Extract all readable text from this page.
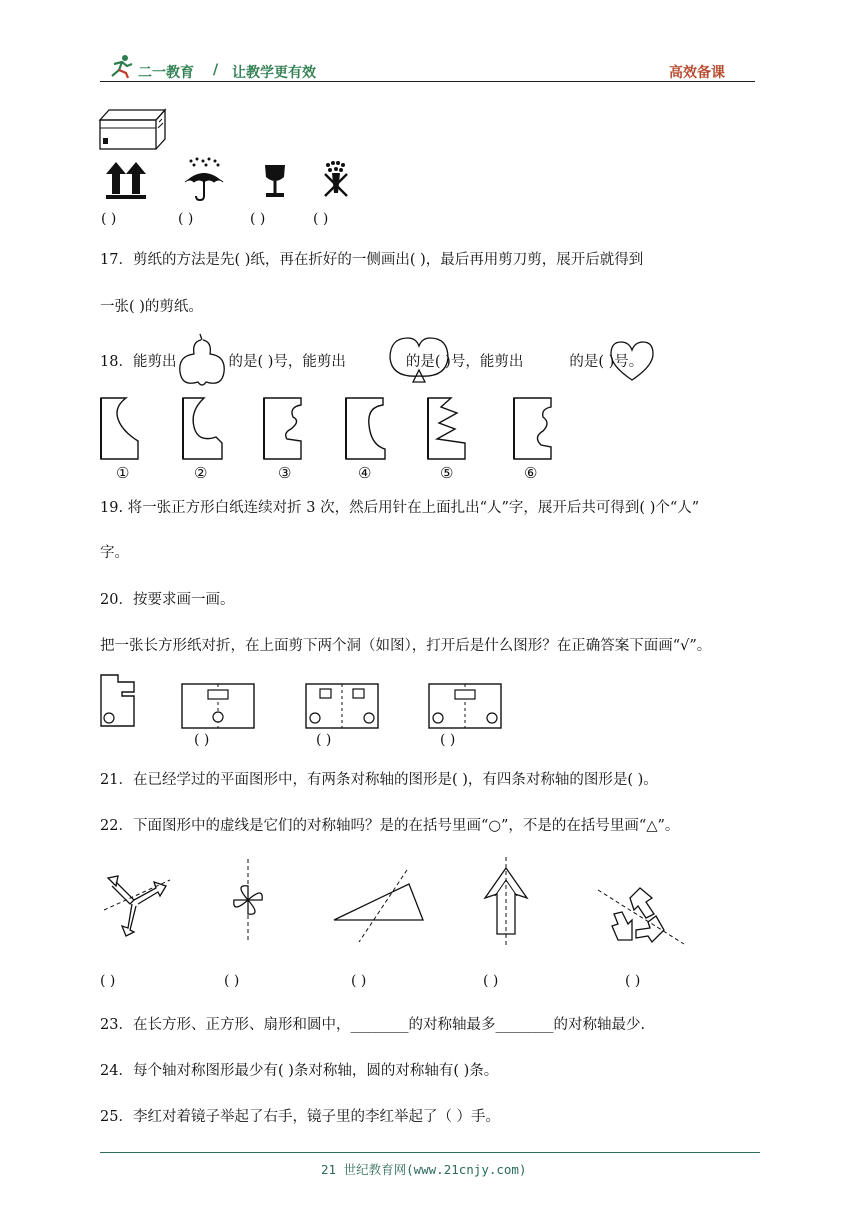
二一教育 / 让教学更有效	高效备课
( )	( )	( )	( )
17．剪纸的方法是先( )纸，再在折好的一侧画出( )，最后再用剪刀剪，展开后就得到
一张( )的剪纸。
18．能剪出	的是( )号，能剪出	的是( )号，能剪出	的是( )号。
①	②	③	④	⑤	⑥
19. 将一张正方形白纸连续对折 3 次，然后用针在上面扎出“人”字，展开后共可得到( )个“人”
字。
20．按要求画一画。
把一张长方形纸对折，在上面剪下两个洞（如图），打开后是什么图形？在正确答案下面画“√”。
( )	( )	( )
21．在已经学过的平面图形中，有两条对称轴的图形是( )，有四条对称轴的图形是( )。
22．下面图形中的虚线是它们的对称轴吗？是的在括号里画“○”，不是的在括号里画“△”。
( )	( )	( )	( )	( )
23．在长方形、正方形、扇形和圆中，________的对称轴最多________的对称轴最少.
24．每个轴对称图形最少有( )条对称轴，圆的对称轴有( )条。
25．李红对着镜子举起了右手，镜子里的李红举起了（ ）手。
21 世纪教育网(www.21cnjy.com)
